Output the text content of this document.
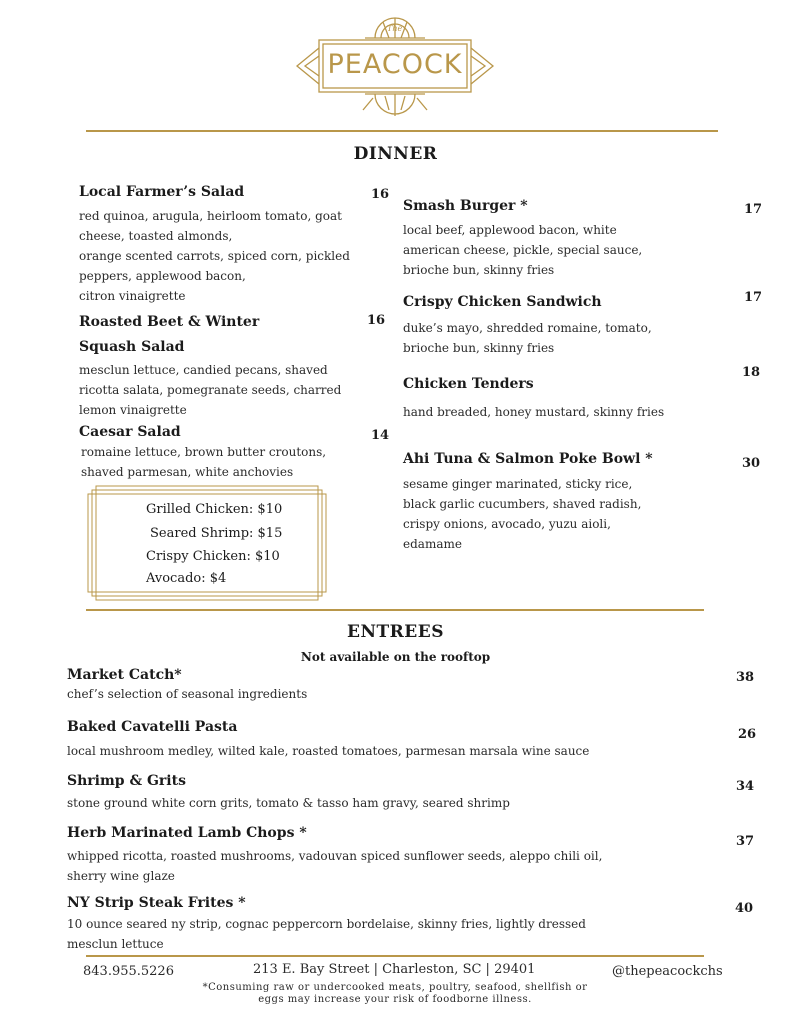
The
PEACOCK
DINNER
Local Farmer’s Salad	16
red quinoa, arugula, heirloom tomato, goat
cheese, toasted almonds,
orange scented carrots, spiced corn, pickled
peppers, applewood bacon,
citron vinaigrette
Roasted Beet & Winter
Squash Salad
16
mesclun lettuce, candied pecans, shaved
ricotta salata, pomegranate seeds, charred
lemon vinaigrette
Caesar Salad	14
romaine lettuce, brown butter croutons,
shaved parmesan, white anchovies
Grilled Chicken: $10
Seared Shrimp: $15
Crispy Chicken: $10
Avocado: $4
Smash Burger *	17
local beef, applewood bacon, white
american cheese, pickle, special sauce,
brioche bun, skinny fries
Crispy Chicken Sandwich	17
duke’s mayo, shredded romaine, tomato,
brioche bun, skinny fries
Chicken Tenders
18
hand breaded, honey mustard, skinny fries
Ahi Tuna & Salmon Poke Bowl *	30
sesame ginger marinated, sticky rice,
black garlic cucumbers, shaved radish,
crispy onions, avocado, yuzu aioli,
edamame
ENTREES
Not available on the rooftop
Market Catch*	38
chef’s selection of seasonal ingredients
Baked Cavatelli Pasta	26
local mushroom medley, wilted kale, roasted tomatoes, parmesan marsala wine sauce
Shrimp & Grits	34
stone ground white corn grits, tomato & tasso ham gravy, seared shrimp
Herb Marinated Lamb Chops *
37
whipped ricotta, roasted mushrooms, vadouvan spiced sunflower seeds, aleppo chili oil,
sherry wine glaze
NY Strip Steak Frites *	40
10 ounce seared ny strip, cognac peppercorn bordelaise, skinny fries, lightly dressed
mesclun lettuce
843.955.5226	213 E. Bay Street | Charleston, SC | 29401	@thepeacockchs
*Consuming raw or undercooked meats, poultry, seafood, shellfish or
eggs may increase your risk of foodborne illness.
